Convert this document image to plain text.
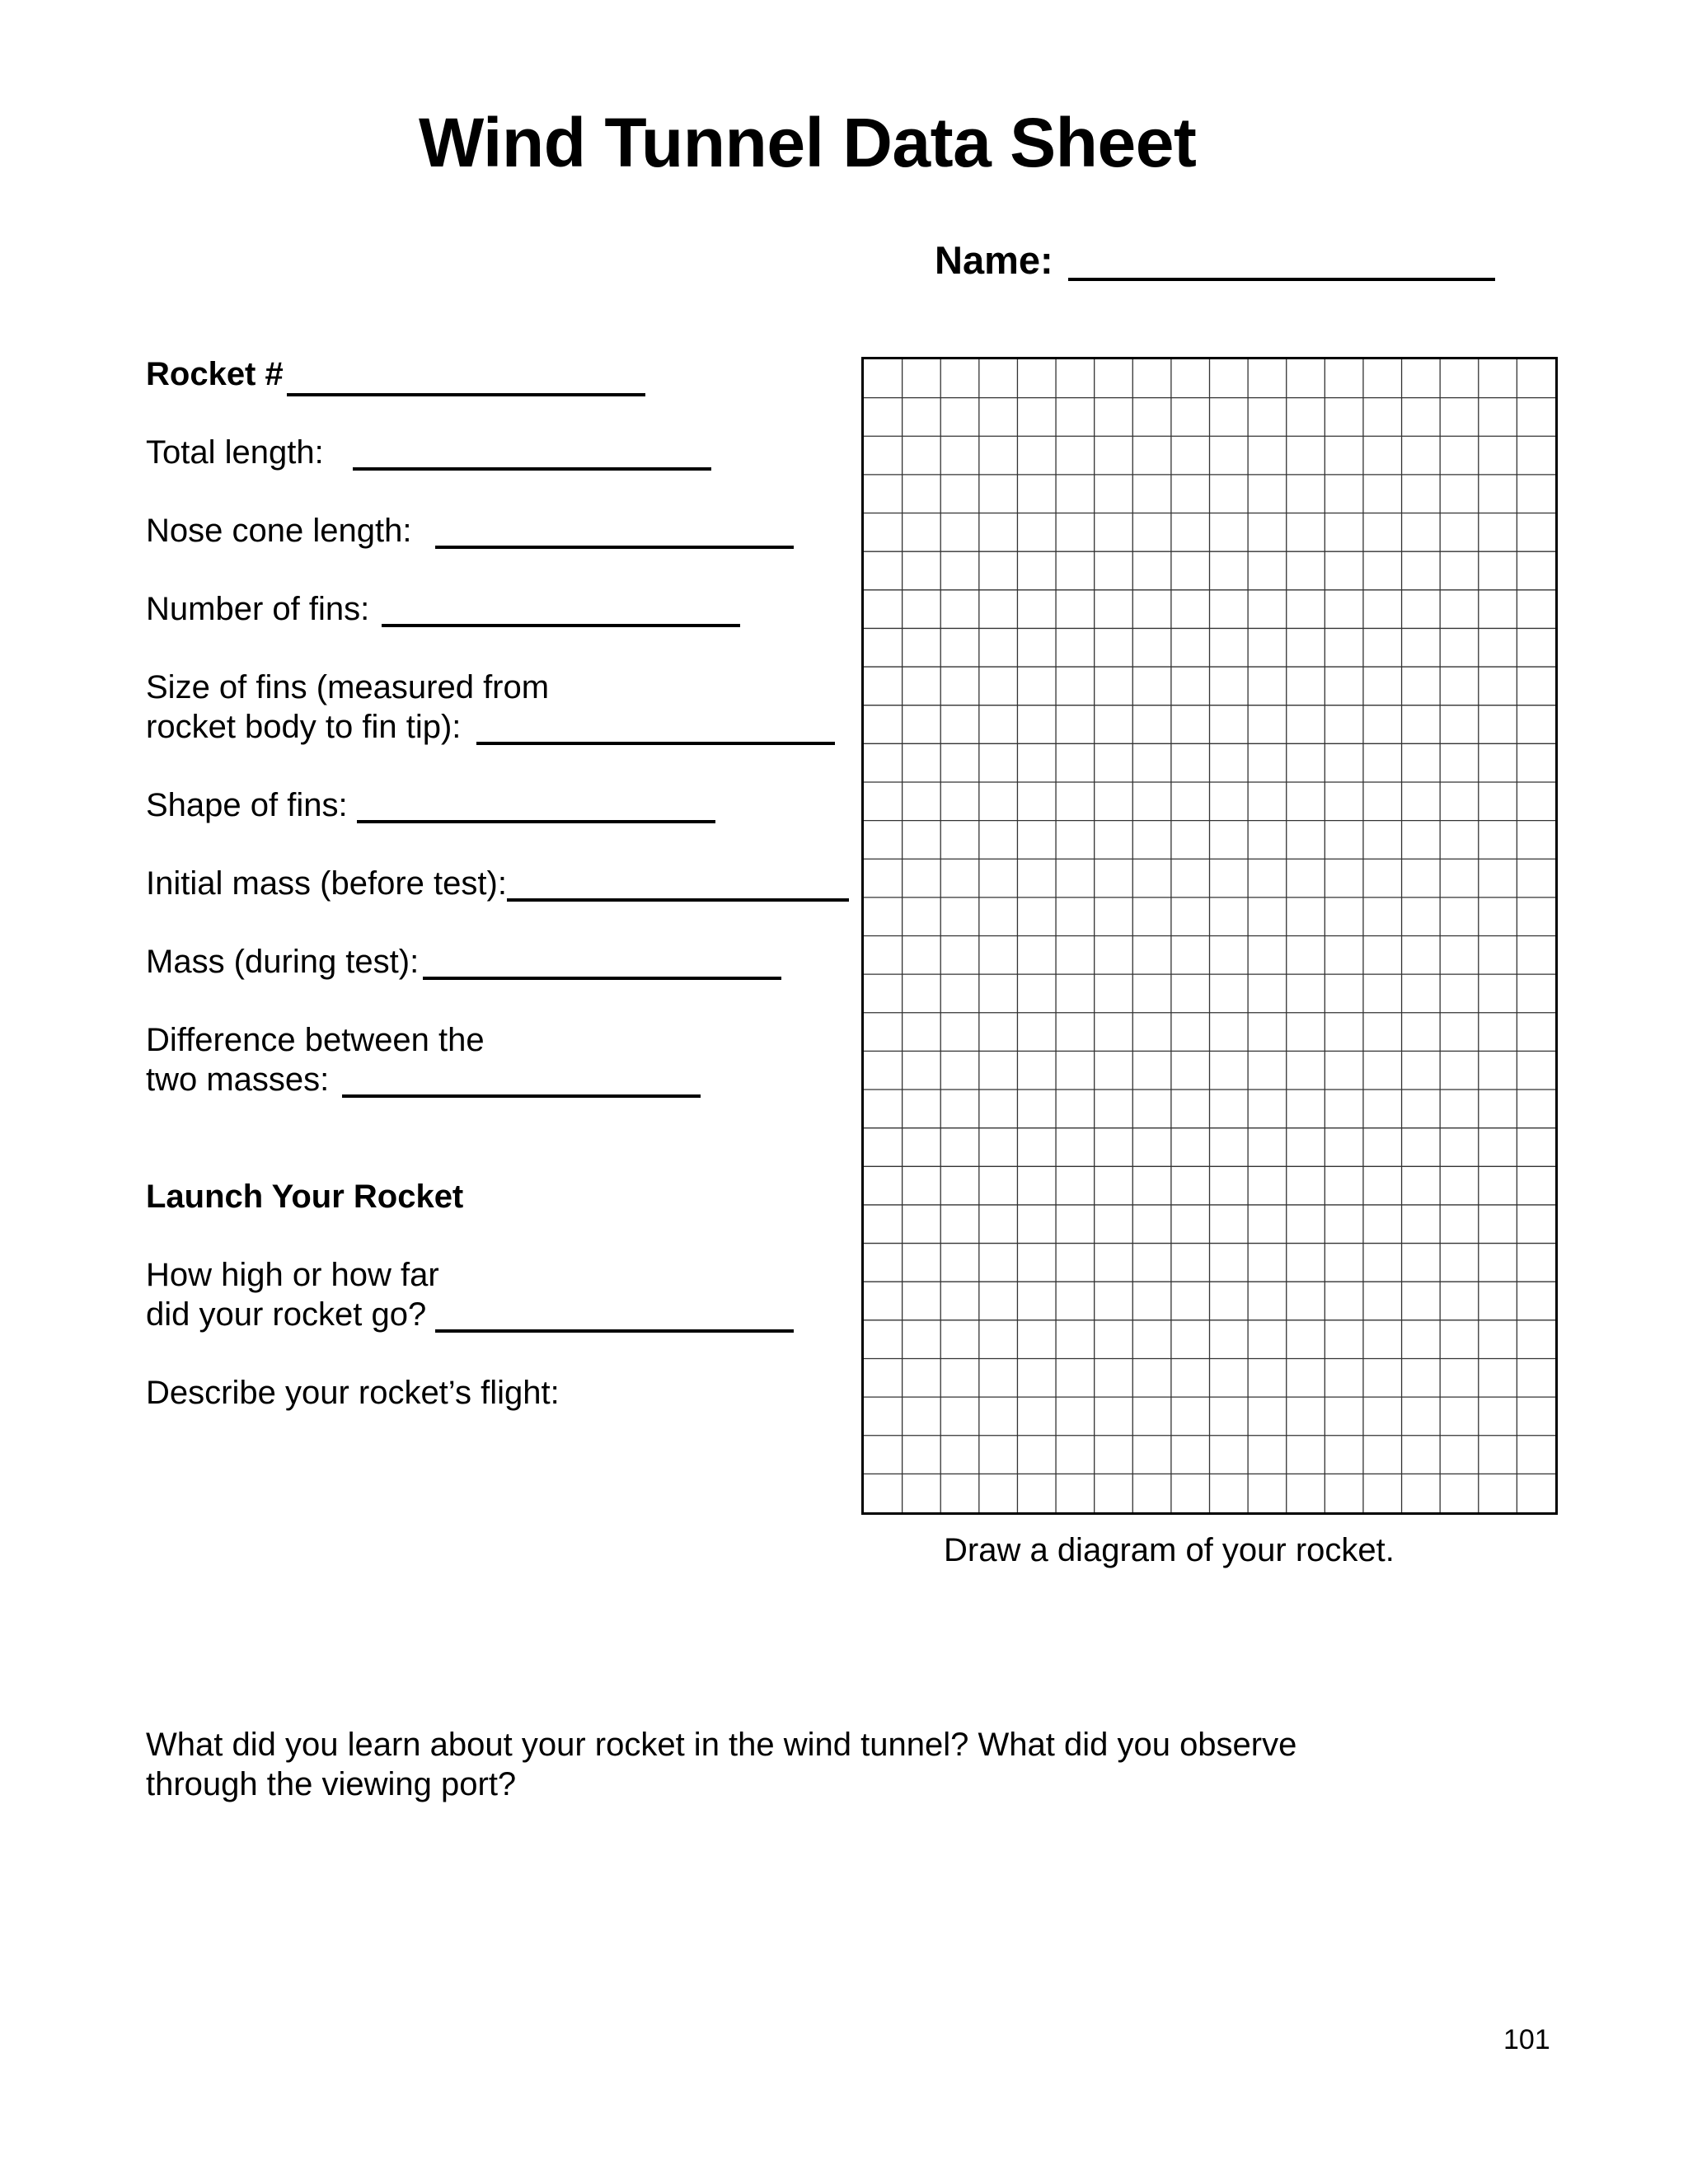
Wind Tunnel Data Sheet
Name:
Rocket #
Total length:
Nose cone length:
Number of fins:
Size of fins (measured from
rocket body to fin tip):
Shape of fins:
Initial mass (before test):
Mass (during test):
Difference between the
two masses:
Launch Your Rocket
How high or how far
did your rocket go?
Describe your rocket’s flight:
Draw a diagram of your rocket.
What did you learn about your rocket in the wind tunnel? What did you observe
through the viewing port?
101
